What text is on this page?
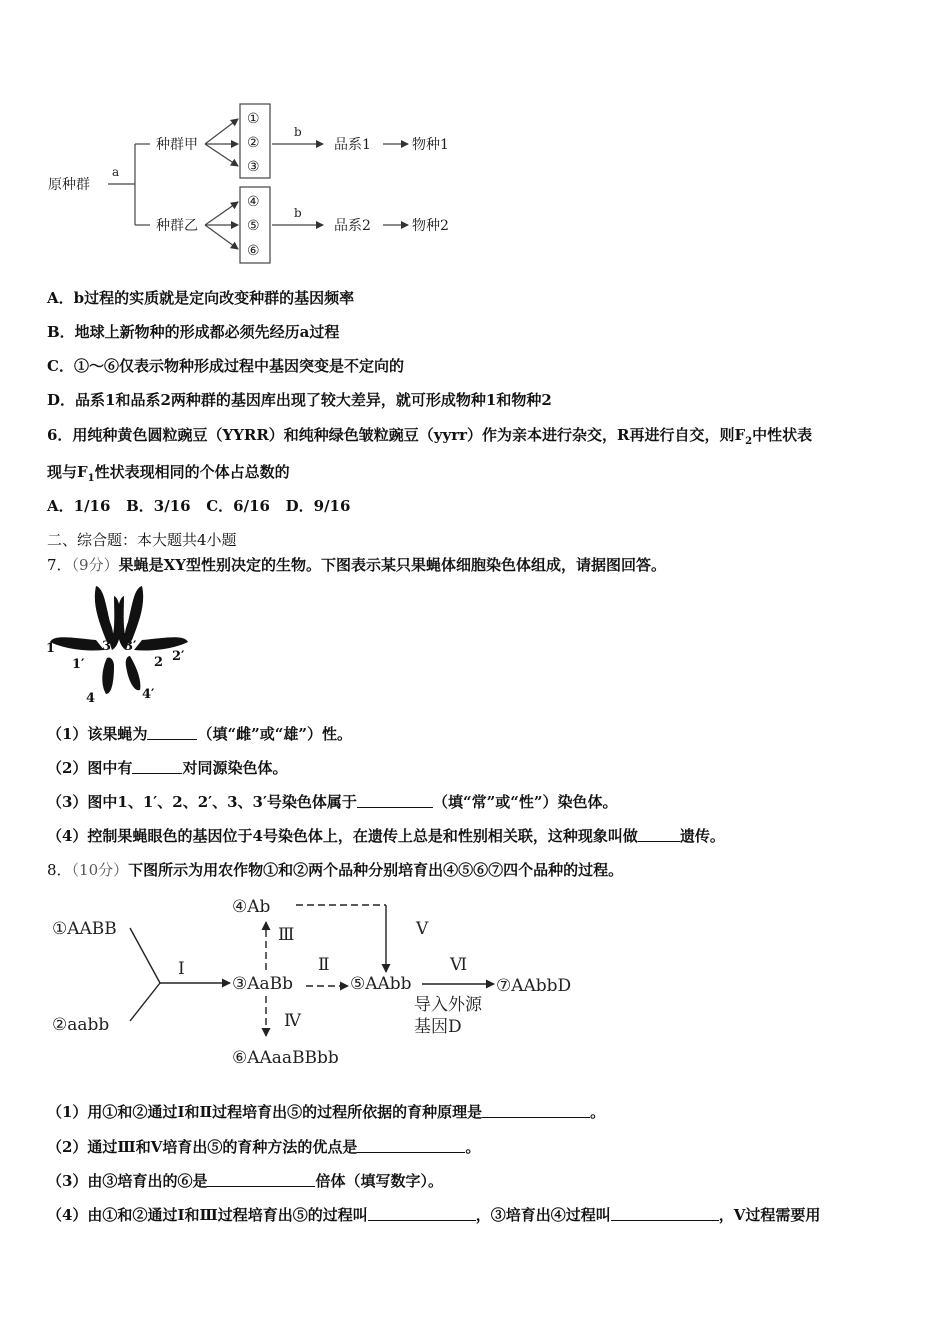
原种群
a
种群甲
种群乙
①
②
③
④
⑤
⑥
b
b
品系1
品系2
物种1
物种2
A．b过程的实质就是定向改变种群的基因频率
B．地球上新物种的形成都必须先经历a过程
C．①～⑥仅表示物种形成过程中基因突变是不定向的
D．品系1和品系2两种群的基因库出现了较大差异，就可形成物种1和物种2
6．用纯种黄色圆粒豌豆（YYRR）和纯种绿色皱粒豌豆（yyrr）作为亲本进行杂交，R再进行自交，则$F_2$中性状表
现与$F_1$性状表现相同的个体占总数的
A．1/16   B．3/16   C．6/16   D．9/16
二、综合题：本大题共4小题
7．（9分）果蝇是XY型性别决定的生物。下图表示某只果蝇体细胞染色体组成，请据图回答。
1
1′
3 3′
2 2′
4	4′
（1）该果蝇为	（填“雌”或“雄”）性。
（2）图中有	对同源染色体。
（3）图中1、1′、2、2′、3、3′号染色体属于	（填“常”或“性”）染色体。
（4）控制果蝇眼色的基因位于4号染色体上，在遗传上总是和性别相关联，这种现象叫做	遗传。
8．（10分）下图所示为用农作物①和②两个品种分别培育出④⑤⑥⑦四个品种的过程。
①AABB
②aabb
③AaBb
④Ab
⑤AAbb
⑥AAaaBBbb
⑦AAbbD
Ⅰ	Ⅱ
Ⅲ
Ⅳ
Ⅴ
Ⅵ
导入外源
基因D
（1）用①和②通过Ⅰ和Ⅱ过程培育出⑤的过程所依据的育种原理是	。
（2）通过Ⅲ和Ⅴ培育出⑤的育种方法的优点是	。
（3）由③培育出的⑥是	倍体（填写数字）。
（4）由①和②通过Ⅰ和Ⅲ过程培育出⑤的过程叫	，③培育出④过程叫	，Ⅴ过程需要用
